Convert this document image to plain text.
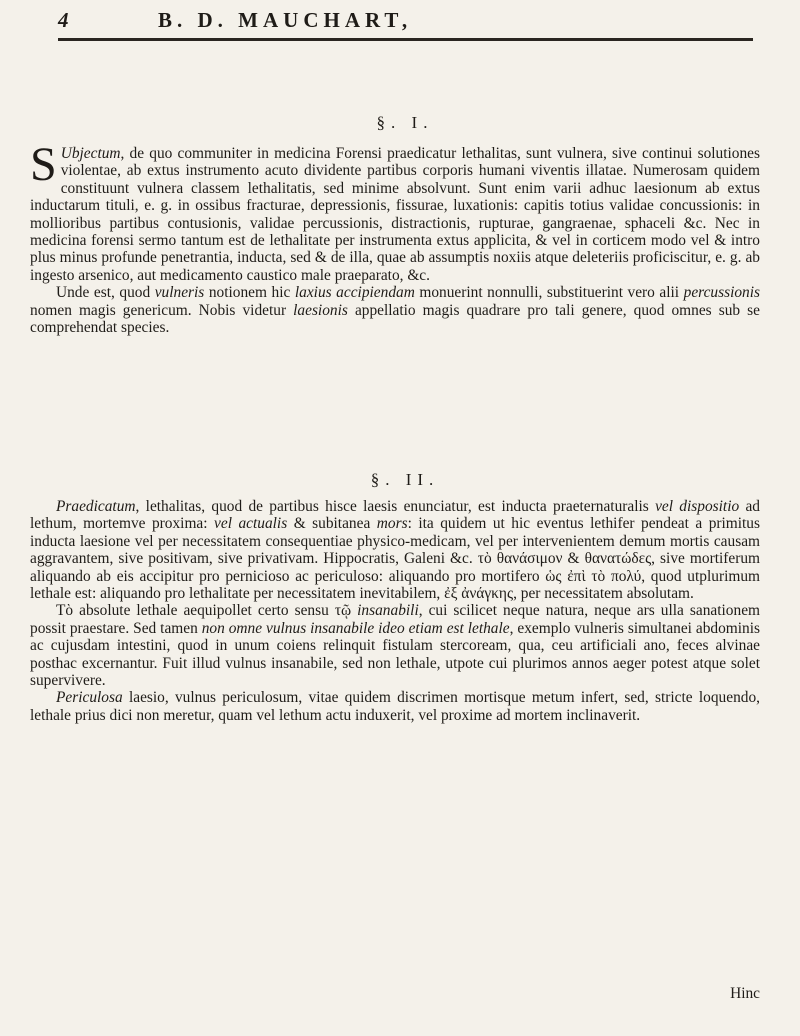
4	B. D. MAUCHART,
§. I.

S Ubjectum, de quo communiter in medicina Forensi praedicatur lethalitas, sunt vulnera, sive continui solutiones violentae, ab extus instrumento acuto dividente partibus corporis humani viventis illatae. Numerosam quidem constituunt vulnera classem lethalitatis, sed minime absolvunt. Sunt enim varii adhuc laesionum ab extus inductarum tituli, e. g. in ossibus fracturae, depressionis, fissurae, luxationis: capitis totius validae concussionis: in mollioribus partibus contusionis, validae percussionis, distractionis, rupturae, gangraenae, sphaceli &c. Nec in medicina forensi sermo tantum est de lethalitate per instrumenta extus applicita, & vel in corticem modo vel & intro plus minus profunde penetrantia, inducta, sed & de illa, quae ab assumptis noxiis atque deleteriis proficiscitur, e. g. ab ingesto arsenico, aut medicamento caustico male praeparato, &c.

Unde est, quod vulneris notionem hic laxius accipiendam monuerint nonnulli, substituerint vero alii percussionis nomen magis genericum. Nobis videtur laesionis appellatio magis quadrare pro tali genere, quod omnes sub se comprehendat species.

§. II.

Praedicatum, lethalitas, quod de partibus hisce laesis enunciatur, est inducta praeternaturalis vel dispositio ad lethum, mortemve proxima: vel actualis & subitanea mors: ita quidem ut hic eventus lethifer pendeat a primitus inducta laesione vel per necessitatem consequentiae physico-medicam, vel per intervenientem demum mortis causam aggravantem, sive positivam, sive privativam. Hippocratis, Galeni &c. τὸ θανάσιμον & θανατώδες, sive mortiferum aliquando ab eis accipitur pro pernicioso ac periculoso: aliquando pro mortifero ὡς ἐπὶ τὸ πολύ, quod utplurimum lethale est: aliquando pro lethalitate per necessitatem inevitabilem, ἐξ ἀνάγκης, per necessitatem absolutam.

Τὸ absolute lethale aequipollet certo sensu τῷ insanabili, cui scilicet neque natura, neque ars ulla sanationem possit praestare. Sed tamen non omne vulnus insanabile ideo etiam est lethale, exemplo vulneris simultanei abdominis ac cujusdam intestini, quod in unum coiens relinquit fistulam stercoream, qua, ceu artificiali ano, feces alvinae posthac excernantur. Fuit illud vulnus insanabile, sed non lethale, utpote cui plurimos annos aeger potest atque solet supervivere.

Periculosa laesio, vulnus periculosum, vitae quidem discrimen mortisque metum infert, sed, stricte loquendo, lethale prius dici non meretur, quam vel lethum actu induxerit, vel proxime ad mortem inclinaverit.

Hinc
